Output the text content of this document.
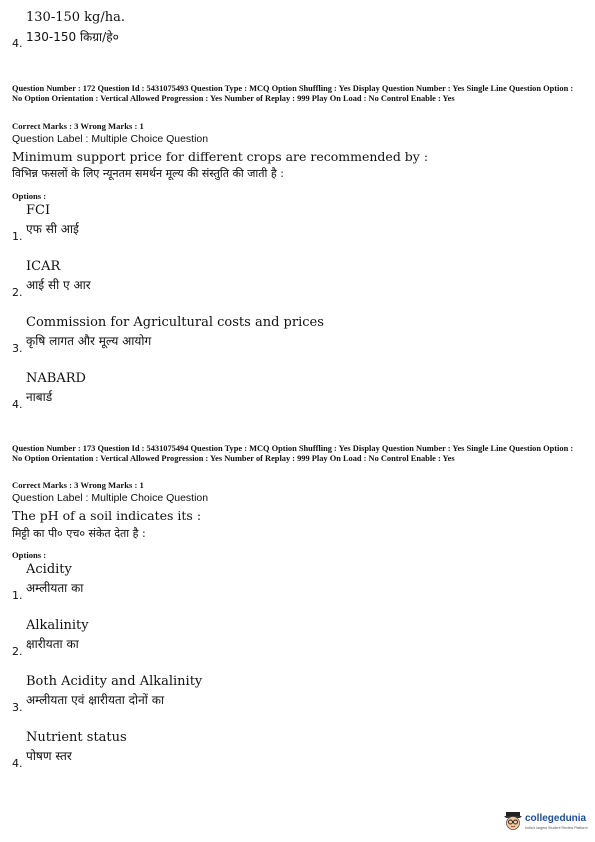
130-150 kg/ha.
4. 130-150 किग्रा/हे०
Question Number : 172 Question Id : 5431075493 Question Type : MCQ Option Shuffling : Yes Display Question Number : Yes Single Line Question Option : No Option Orientation : Vertical Allowed Progression : Yes Number of Replay : 999 Play On Load : No Control Enable : Yes
Correct Marks : 3 Wrong Marks : 1
Question Label : Multiple Choice Question
Minimum support price for different crops are recommended by :
विभिन्न फसलों के लिए न्यूनतम समर्थन मूल्य की संस्तुति की जाती है :
Options :
FCI
1.
एफ सी आई
ICAR
2.
आई सी ए आर
Commission for Agricultural costs and prices
3.
कृषि लागत और मूल्य आयोग
NABARD
4.
नाबार्ड
Question Number : 173 Question Id : 5431075494 Question Type : MCQ Option Shuffling : Yes Display Question Number : Yes Single Line Question Option : No Option Orientation : Vertical Allowed Progression : Yes Number of Replay : 999 Play On Load : No Control Enable : Yes
Correct Marks : 3 Wrong Marks : 1
Question Label : Multiple Choice Question
The pH of a soil indicates its :
मिट्टी का पी० एच० संकेत देता है :
Options :
Acidity
1.
अम्लीयता का
Alkalinity
2.
क्षारीयता का
Both Acidity and Alkalinity
3.
अम्लीयता एवं क्षारीयता दोनों का
Nutrient status
4.
पोषण स्तर
collegedunia
India's largest Student Review Platform
